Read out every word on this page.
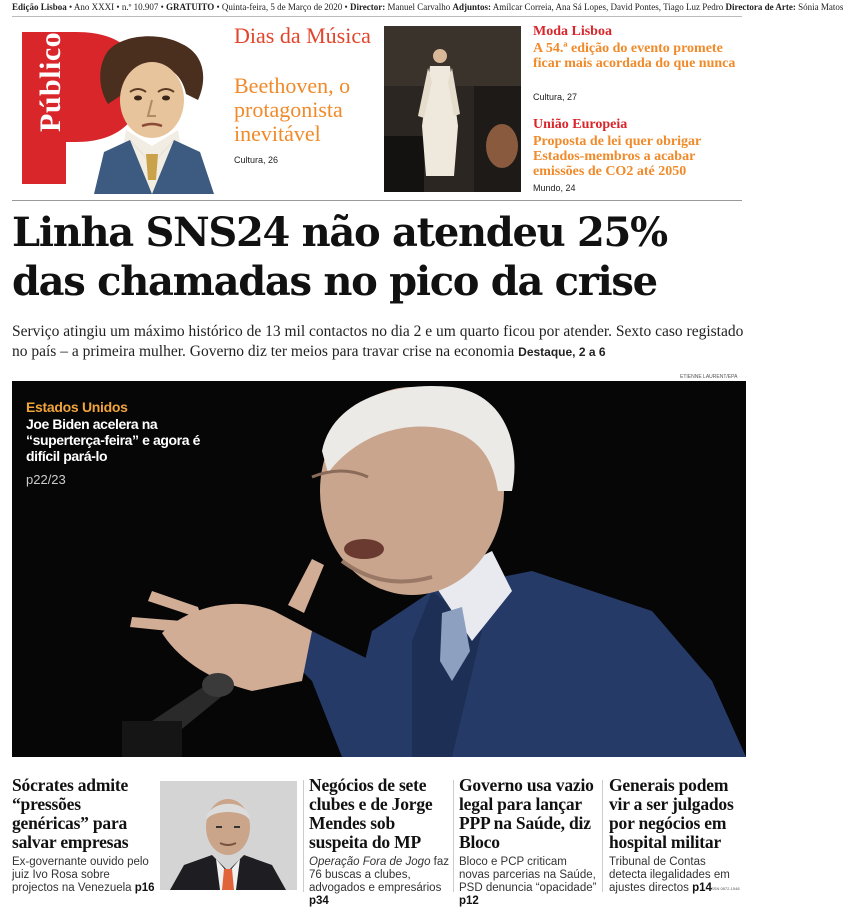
Edição Lisboa • Ano XXXI • n.º 10.907 • GRATUITO • Quinta-feira, 5 de Março de 2020 • Director: Manuel Carvalho Adjuntos: Amílcar Correia, Ana Sá Lopes, David Pontes, Tiago Luz Pedro Directora de Arte: Sónia Matos
Público	Dias da Música
Beethoven, o protagonista inevitável
Cultura, 26
Moda Lisboa
A 54.ª edição do evento promete ficar mais acordada do que nunca
Cultura, 27
União Europeia
Proposta de lei quer obrigar Estados-membros a acabar emissões de CO2 até 2050
Mundo, 24
Linha SNS24 não atendeu 25% das chamadas no pico da crise
Serviço atingiu um máximo histórico de 13 mil contactos no dia 2 e um quarto ficou por atender. Sexto caso registado no país – a primeira mulher. Governo diz ter meios para travar crise na economia Destaque, 2 a 6
ETIENNE LAURENT/EPA
Estados Unidos
Joe Biden acelera na “superterça-feira” e agora é difícil pará-lo
p22/23
Sócrates admite “pressões genéricas” para salvar empresas
Ex-governante ouvido pelo juiz Ivo Rosa sobre projectos na Venezuela p16
Negócios de sete clubes e de Jorge Mendes sob suspeita do MP
Operação Fora de Jogo faz 76 buscas a clubes, advogados e empresários p34
Governo usa vazio legal para lançar PPP na Saúde, diz Bloco
Bloco e PCP criticam novas parcerias na Saúde, PSD denuncia “opacidade” p12
Generais podem vir a ser julgados por negócios em hospital militar
Tribunal de Contas detecta ilegalidades em ajustes directos p14
ISSN 0872-1548
